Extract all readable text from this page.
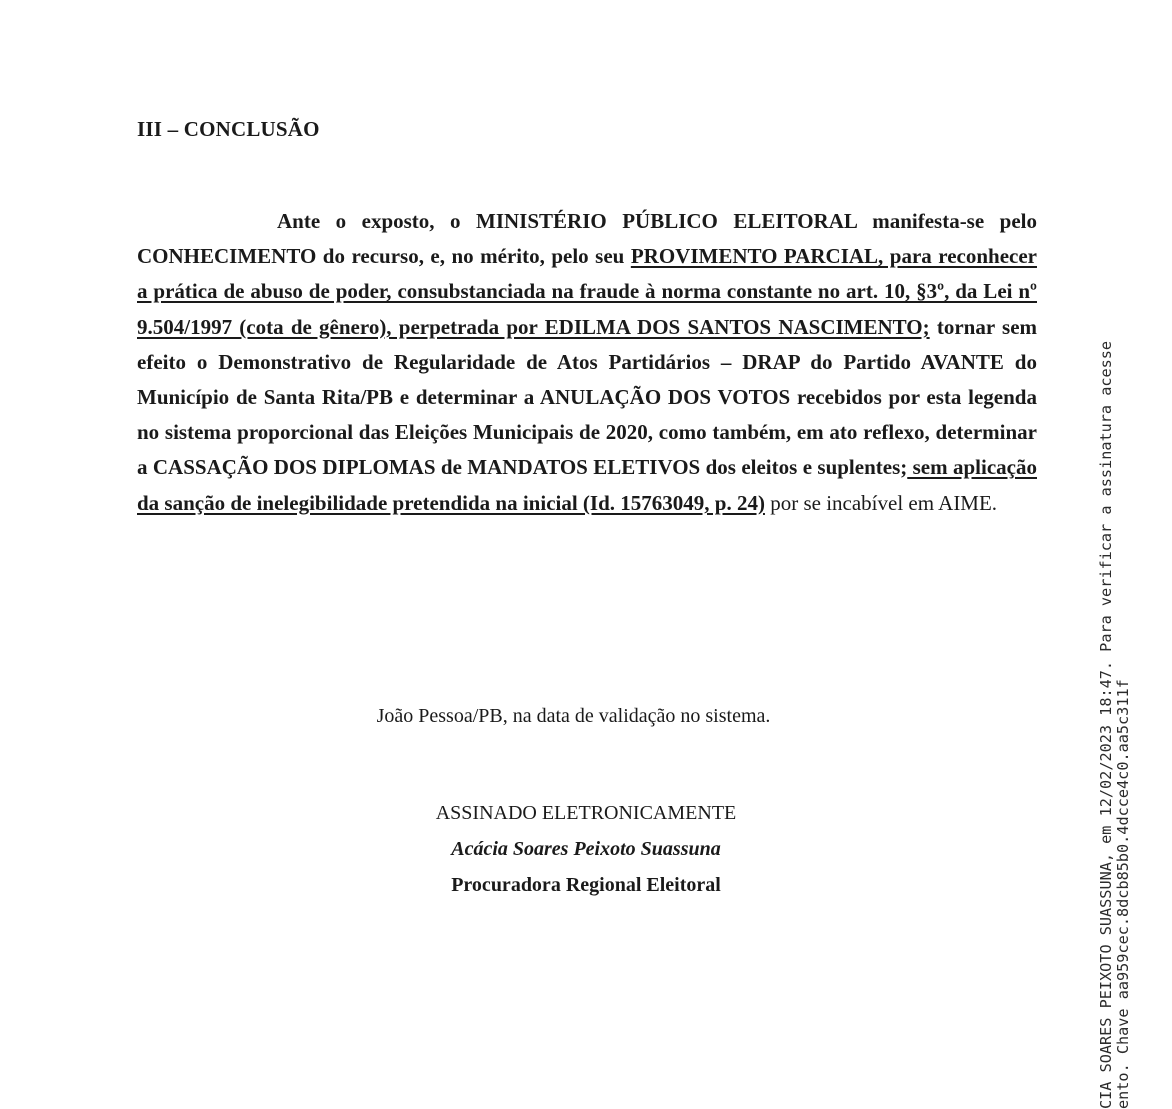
III – CONCLUSÃO
Ante o exposto, o MINISTÉRIO PÚBLICO ELEITORAL manifesta-se pelo CONHECIMENTO do recurso, e, no mérito, pelo seu PROVIMENTO PARCIAL, para reconhecer a prática de abuso de poder, consubstanciada na fraude à norma constante no art. 10, §3º, da Lei nº 9.504/1997 (cota de gênero), perpetrada por EDILMA DOS SANTOS NASCIMENTO; tornar sem efeito o Demonstrativo de Regularidade de Atos Partidários – DRAP do Partido AVANTE do Município de Santa Rita/PB e determinar a ANULAÇÃO DOS VOTOS recebidos por esta legenda no sistema proporcional das Eleições Municipais de 2020, como também, em ato reflexo, determinar a CASSAÇÃO DOS DIPLOMAS de MANDATOS ELETIVOS dos eleitos e suplentes; sem aplicação da sanção de inelegibilidade pretendida na inicial (Id. 15763049, p. 24) por se incabível em AIME.
João Pessoa/PB, na data de validação no sistema.
ASSINADO ELETRONICAMENTE
Acácia Soares Peixoto Suassuna
Procuradora Regional Eleitoral	CIA SOARES PEIXOTO SUASSUNA, em 12/02/2023 18:47. Para verificar a assinatura acesse ento. Chave aa959cec.8dcb85b0.4dcce4c0.aa5c311f
